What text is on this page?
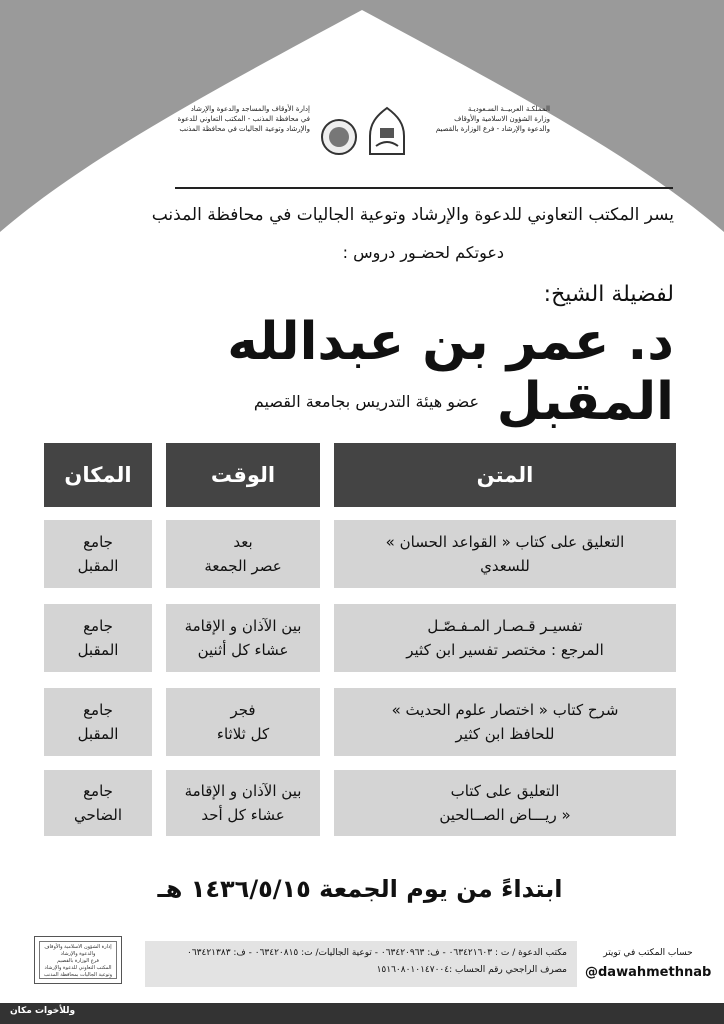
المملكـة العربيــة السـعوديـة
وزارة الشؤون الاسلامية والأوقاف
والدعوة والإرشاد - فرع الوزارة بالقصيم
إدارة الأوقاف والمساجد والدعوة والإرشاد
في محافظة المذنب - المكتب التعاوني للدعوة
والإرشاد وتوعية الجاليات في محافظة المذنب
يسر المكتب التعاوني للدعوة والإرشاد وتوعية الجاليات في محافظة المذنب
دعوتكم لحضـور دروس :
لفضيلة الشيخ:
د. عمر بن عبدالله المقبل
عضو هيئة التدريس بجامعة القصيم
المتن
الوقت
المكان
التعليق على كتاب « القواعد الحسان »
للسعدي
بعد
عصر الجمعة
جامع
المقبل
تفسيـر قـصـار المـفـصّـل
المرجع : مختصر تفسير ابن كثير
بين الآذان و الإقامة
عشاء كل أثنين
جامع
المقبل
شرح كتاب « اختصار علوم الحديث »
للحافظ ابن كثير
فجر
كل ثلاثاء
جامع
المقبل
التعليق على كتاب
« ريـــاض الصــالحين
بين الآذان و الإقامة
عشاء كل أحد
جامع
الضاحي
ابتداءً من يوم الجمعة ١٤٣٦/٥/١٥ هـ
إدارة الشؤون الاسلامية والأوقاف والدعوة والإرشاد
فرع الوزارة بالقصيم
المكتب التعاوني للدعوة والإرشاد وتوعية الجاليات بمحافظة المذنب
مكتب الدعوة / ت : ٠٦٣٤٢١٦٠٣ - ف: ٠٦٣٤٢٠٩٦٣ - توعية الجاليات/ ت: ٠٦٣٤٢٠٨١٥ - ف: ٠٦٣٤٢١٣٨٣
مصرف الراجحي رقم الحساب :١٥١٦٠٨٠١٠١٤٧٠٠٤
حساب المكتب في تويتر
@dawahmethnab
وللأخوات مكان
